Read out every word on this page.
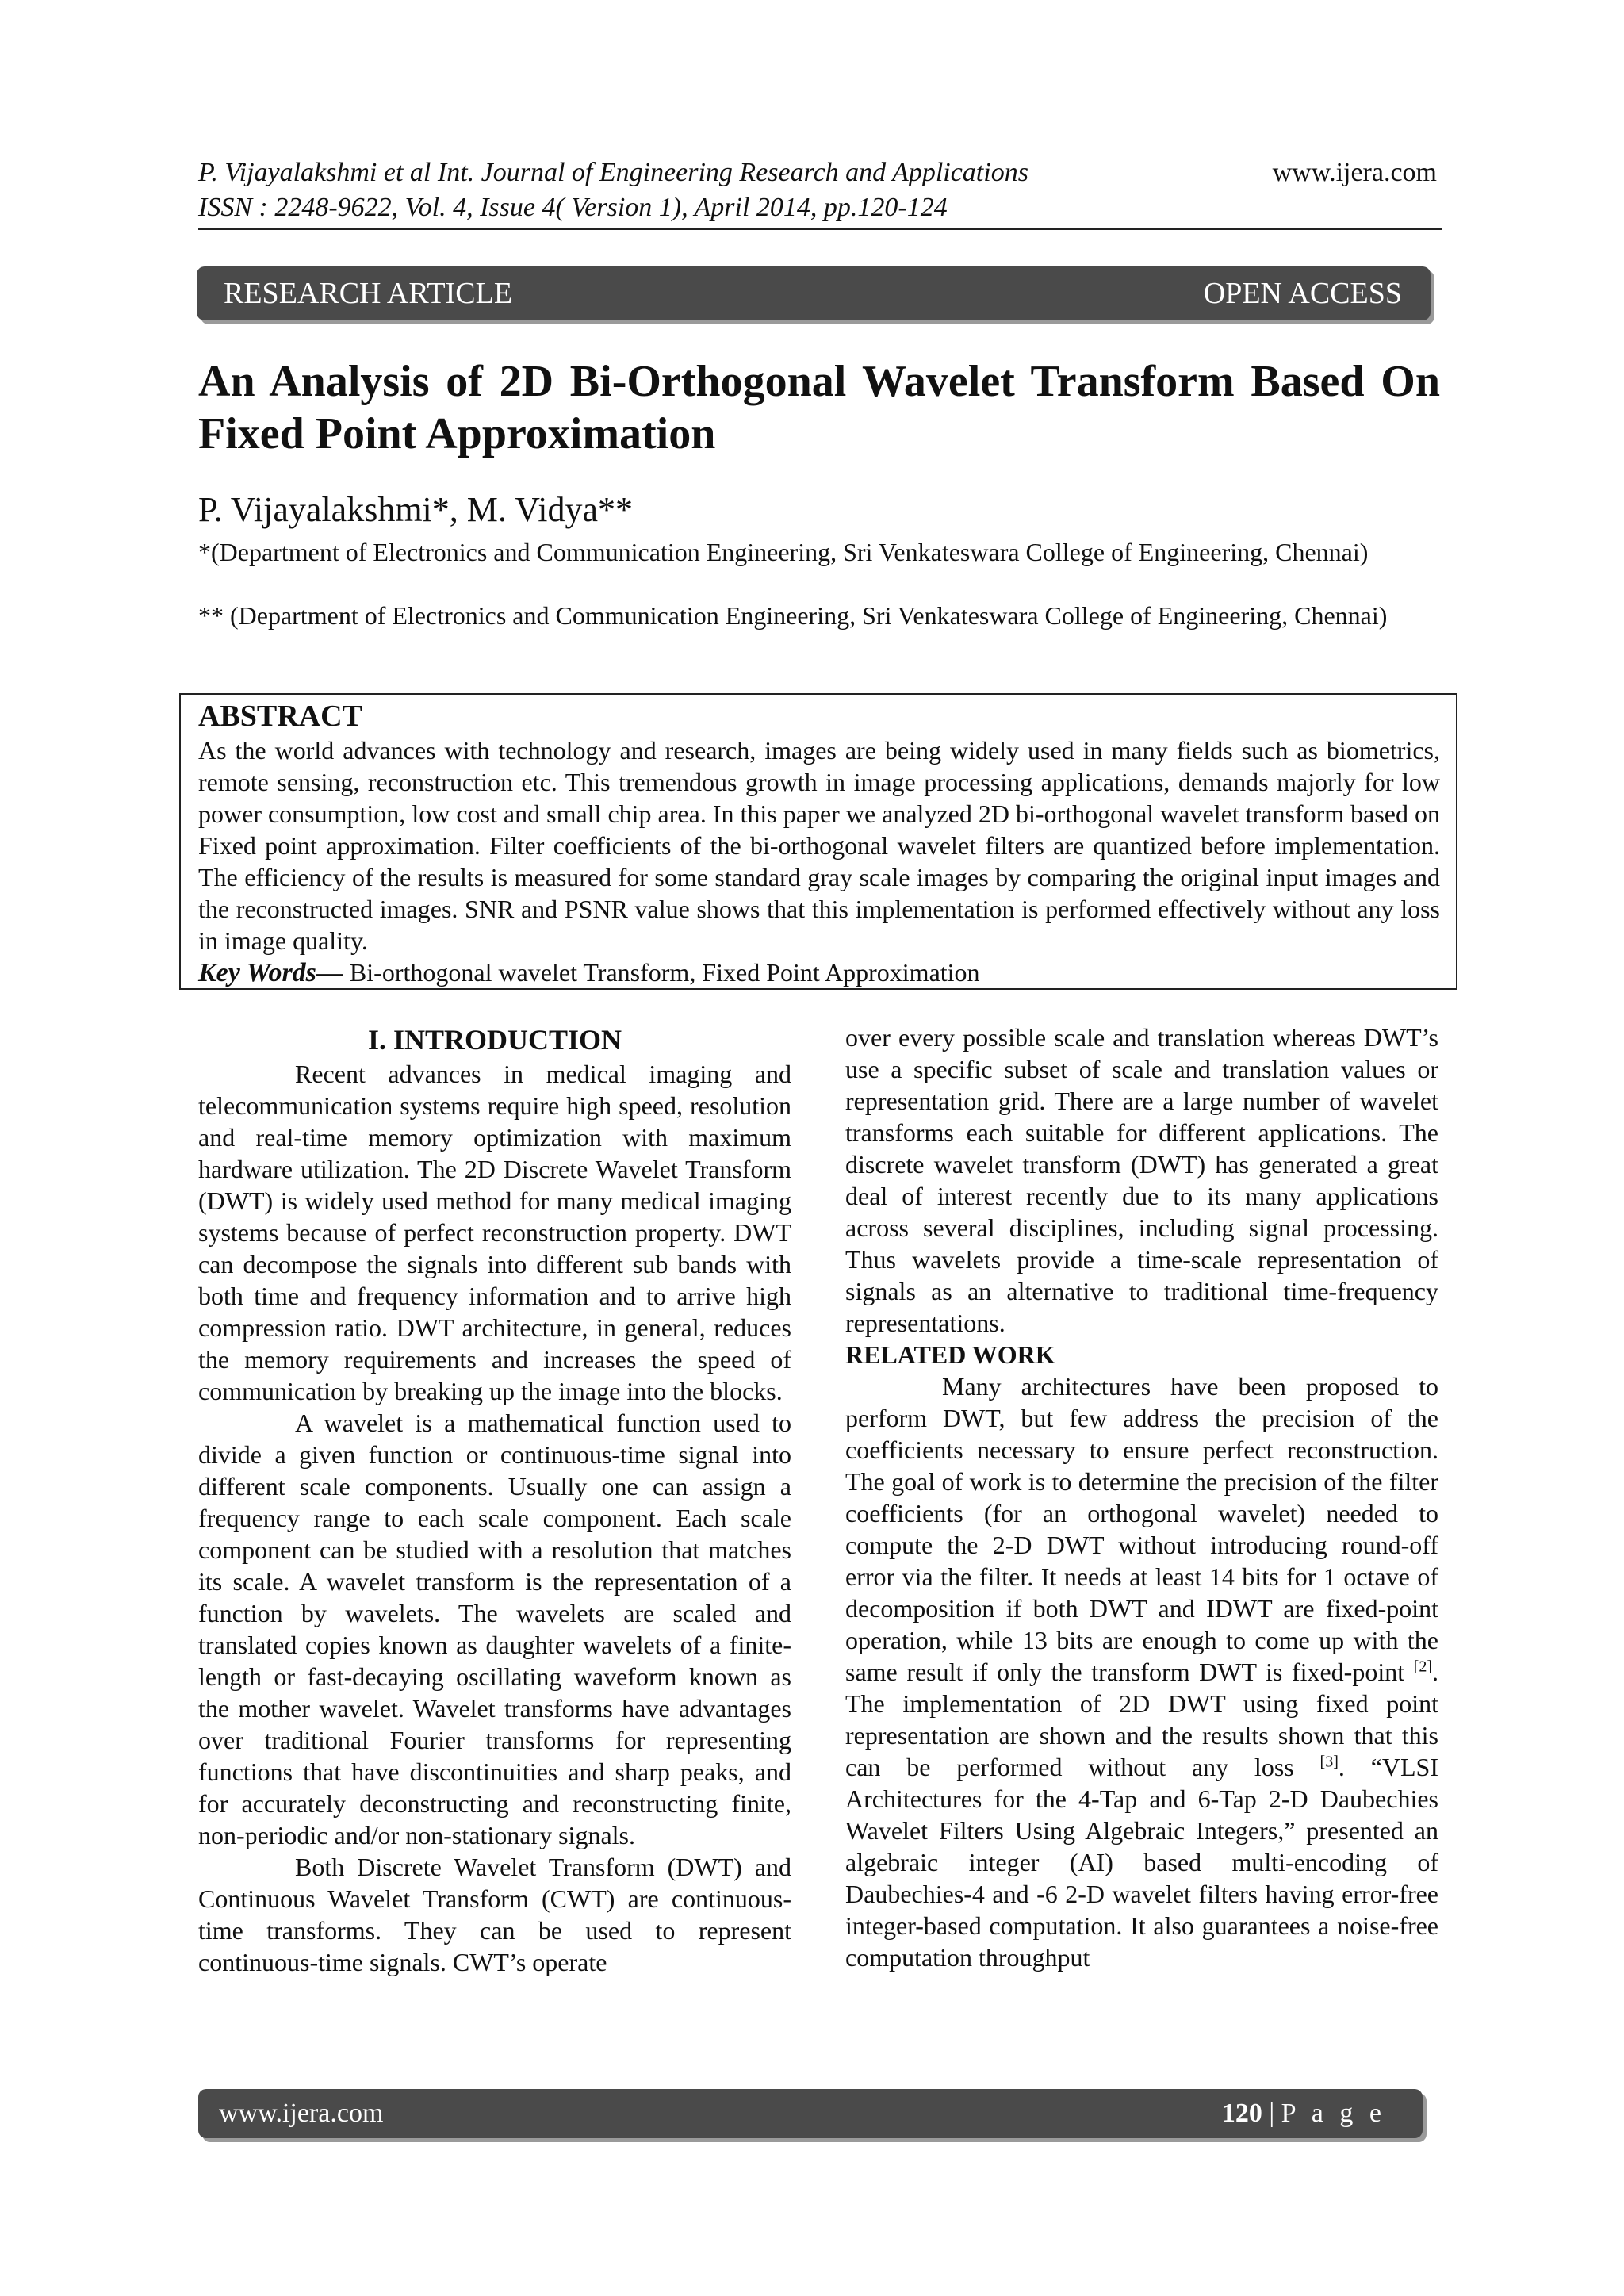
P. Vijayalakshmi et al Int. Journal of Engineering Research and Applications
ISSN : 2248-9622, Vol. 4, Issue 4( Version 1), April 2014, pp.120-124
www.ijera.com
RESEARCH ARTICLE	OPEN ACCESS
An Analysis of 2D Bi-Orthogonal Wavelet Transform Based On Fixed Point Approximation
P. Vijayalakshmi*, M. Vidya**
*(Department of Electronics and Communication Engineering, Sri Venkateswara College of Engineering, Chennai)
** (Department of Electronics and Communication Engineering, Sri Venkateswara College of Engineering, Chennai)
ABSTRACT
As the world advances with technology and research, images are being widely used in many fields such as biometrics, remote sensing, reconstruction etc. This tremendous growth in image processing applications, demands majorly for low power consumption, low cost and small chip area. In this paper we analyzed 2D bi-orthogonal wavelet transform based on Fixed point approximation. Filter coefficients of the bi-orthogonal wavelet filters are quantized before implementation. The efficiency of the results is measured for some standard gray scale images by comparing the original input images and the reconstructed images. SNR and PSNR value shows that this implementation is performed effectively without any loss in image quality.
Key Words— Bi-orthogonal wavelet Transform, Fixed Point Approximation

I. INTRODUCTION

Recent advances in medical imaging and telecommunication systems require high speed, resolution and real-time memory optimization with maximum hardware utilization. The 2D Discrete Wavelet Transform (DWT) is widely used method for many medical imaging systems because of perfect reconstruction property. DWT can decompose the signals into different sub bands with both time and frequency information and to arrive high compression ratio. DWT architecture, in general, reduces the memory requirements and increases the speed of communication by breaking up the image into the blocks.

A wavelet is a mathematical function used to divide a given function or continuous-time signal into different scale components. Usually one can assign a frequency range to each scale component. Each scale component can be studied with a resolution that matches its scale. A wavelet transform is the representation of a function by wavelets. The wavelets are scaled and translated copies known as daughter wavelets of a finite-length or fast-decaying oscillating waveform known as the mother wavelet. Wavelet transforms have advantages over traditional Fourier transforms for representing functions that have discontinuities and sharp peaks, and for accurately deconstructing and reconstructing finite, non-periodic and/or non-stationary signals.

Both Discrete Wavelet Transform (DWT) and Continuous Wavelet Transform (CWT) are continuous-time transforms. They can be used to represent continuous-time signals. CWT’s operate

over every possible scale and translation whereas DWT’s use a specific subset of scale and translation values or representation grid. There are a large number of wavelet transforms each suitable for different applications. The discrete wavelet transform (DWT) has generated a great deal of interest recently due to its many applications across several disciplines, including signal processing. Thus wavelets provide a time-scale representation of signals as an alternative to traditional time-frequency representations.

RELATED WORK

Many architectures have been proposed to perform DWT, but few address the precision of the coefficients necessary to ensure perfect reconstruction. The goal of work is to determine the precision of the filter coefficients (for an orthogonal wavelet) needed to compute the 2-D DWT without introducing round-off error via the filter. It needs at least 14 bits for 1 octave of decomposition if both DWT and IDWT are fixed-point operation, while 13 bits are enough to come up with the same result if only the transform DWT is fixed-point [2]. The implementation of 2D DWT using fixed point representation are shown and the results shown that this can be performed without any loss [3]. “VLSI Architectures for the 4-Tap and 6-Tap 2-D Daubechies Wavelet Filters Using Algebraic Integers,” presented an algebraic integer (AI) based multi-encoding of Daubechies-4 and -6 2-D wavelet filters having error-free integer-based computation. It also guarantees a noise-free computation throughput

www.ijera.com	120 | P a g e
